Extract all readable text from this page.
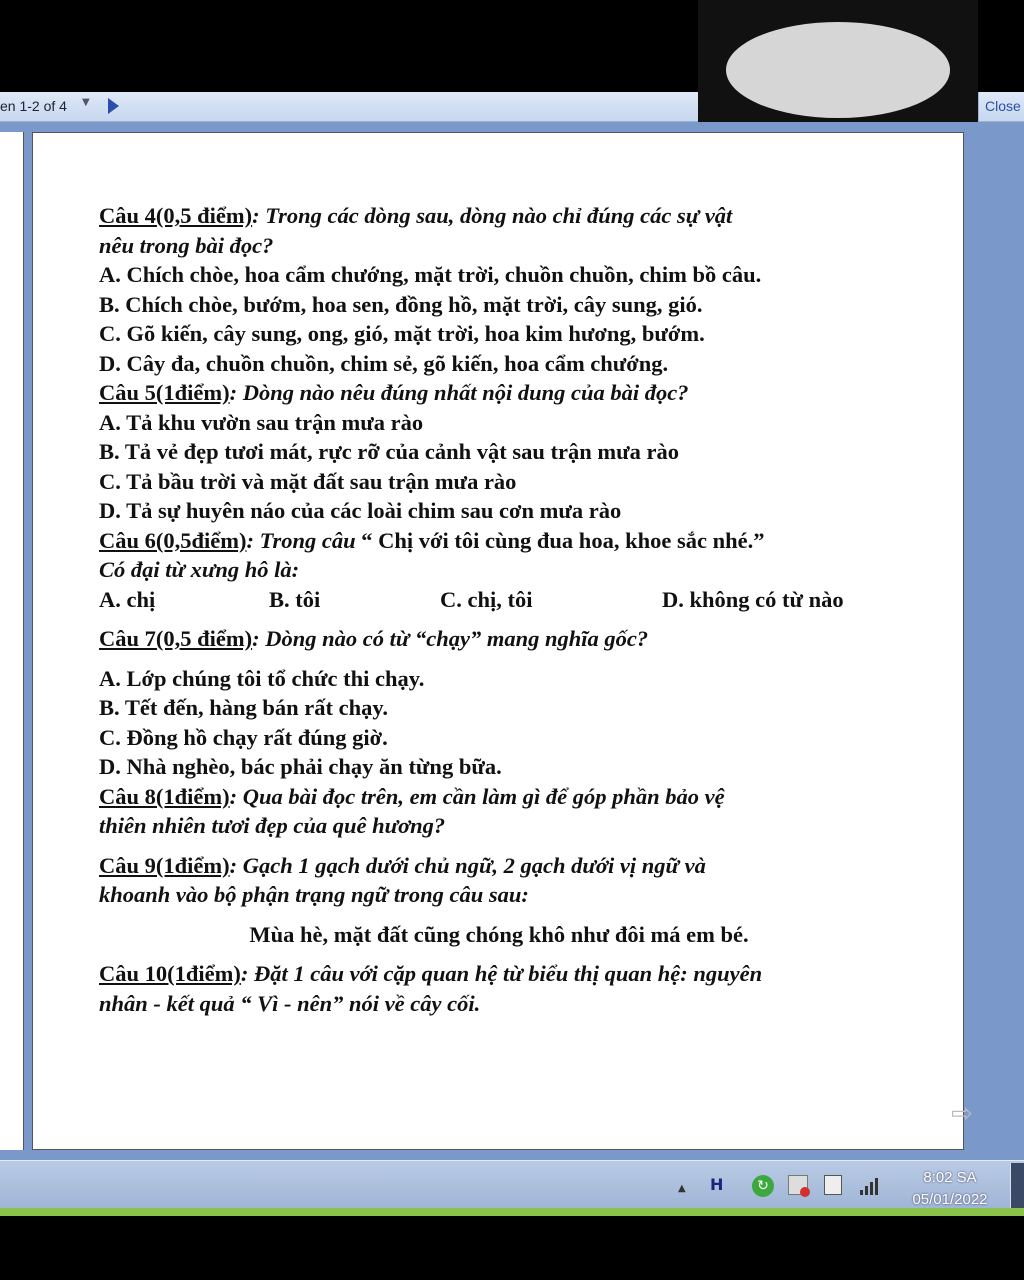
en 1-2 of 4 ▼	Close
Câu 4(0,5 điểm): Trong các dòng sau, dòng nào chỉ đúng các sự vật
nêu trong bài đọc?
A. Chích chòe, hoa cẩm chướng, mặt trời, chuồn chuồn, chim bồ câu.
B. Chích chòe, bướm, hoa sen, đồng hồ, mặt trời, cây sung, gió.
C. Gõ kiến, cây sung, ong, gió, mặt trời, hoa kim hương, bướm.
D. Cây đa, chuồn chuồn, chim sẻ, gõ kiến, hoa cẩm chướng.
Câu 5(1điểm): Dòng nào nêu đúng nhất nội dung của bài đọc?
A. Tả khu vườn sau trận mưa rào
B. Tả vẻ đẹp tươi mát, rực rỡ của cảnh vật sau trận mưa rào
C. Tả bầu trời và mặt đất sau trận mưa rào
D. Tả sự huyên náo của các loài chim sau cơn mưa rào
Câu 6(0,5điểm): Trong câu “ Chị với tôi cùng đua hoa, khoe sắc nhé.”
Có đại từ xưng hô là:
A. chị	B. tôi	C. chị, tôi	D. không có từ nào
Câu 7(0,5 điểm): Dòng nào có từ “chạy” mang nghĩa gốc?
A. Lớp chúng tôi tổ chức thi chạy.
B. Tết đến, hàng bán rất chạy.
C. Đồng hồ chạy rất đúng giờ.
D. Nhà nghèo, bác phải chạy ăn từng bữa.
Câu 8(1điểm): Qua bài đọc trên, em cần làm gì để góp phần bảo vệ
thiên nhiên tươi đẹp của quê hương?
Câu 9(1điểm): Gạch 1 gạch dưới chủ ngữ, 2 gạch dưới vị ngữ và
khoanh vào bộ phận trạng ngữ trong câu sau:
Mùa hè, mặt đất cũng chóng khô như đôi má em bé.
Câu 10(1điểm): Đặt 1 câu với cặp quan hệ từ biểu thị quan hệ: nguyên
nhân - kết quả “ Vì - nên” nói về cây cối.
⇨
▲ H	↻	8:02 SA
05/01/2022
